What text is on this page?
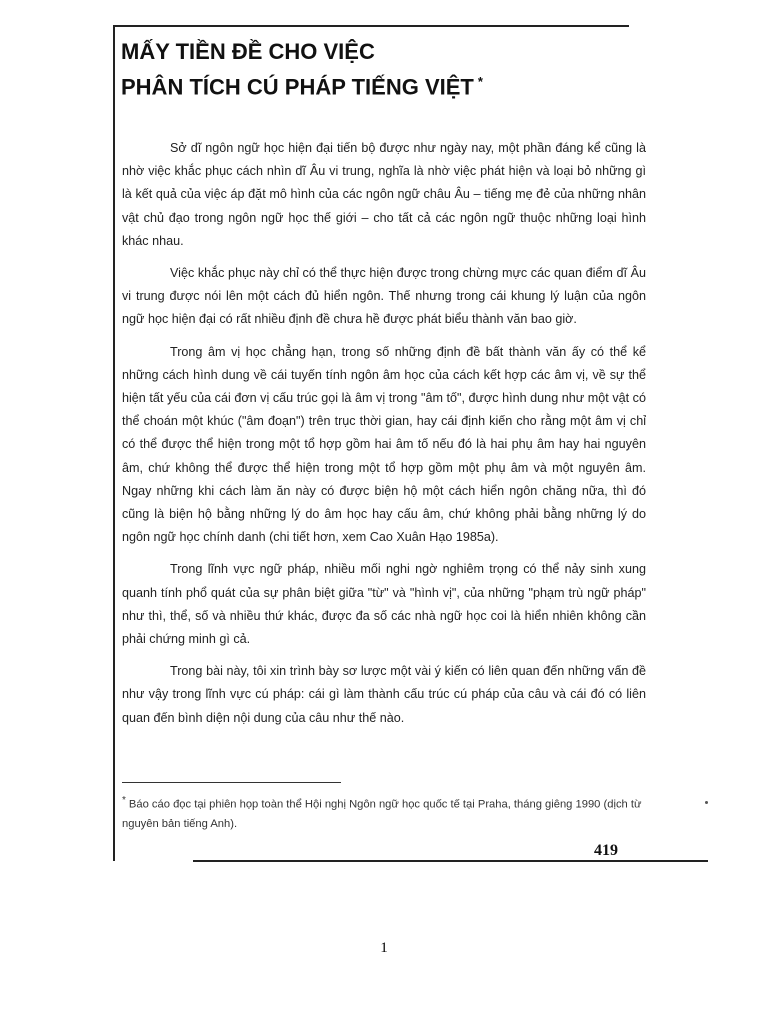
MẤY TIỀN ĐỀ CHO VIỆC
PHÂN TÍCH CÚ PHÁP TIẾNG VIỆT *

Sở dĩ ngôn ngữ học hiện đại tiến bộ được như ngày nay, một phần đáng kể cũng là nhờ việc khắc phục cách nhìn dĩ Âu vi trung, nghĩa là nhờ việc phát hiện và loại bỏ những gì là kết quả của việc áp đặt mô hình của các ngôn ngữ châu Âu – tiếng mẹ đẻ của những nhân vật chủ đạo trong ngôn ngữ học thế giới – cho tất cả các ngôn ngữ thuộc những loại hình khác nhau.

Việc khắc phục này chỉ có thể thực hiện được trong chừng mực các quan điểm dĩ Âu vi trung được nói lên một cách đủ hiển ngôn. Thế nhưng trong cái khung lý luận của ngôn ngữ học hiện đại có rất nhiều định đề chưa hề được phát biểu thành văn bao giờ.

Trong âm vị học chẳng hạn, trong số những định đề bất thành văn ấy có thể kể những cách hình dung về cái tuyến tính ngôn âm học của cách kết hợp các âm vị, về sự thể hiện tất yếu của cái đơn vị cấu trúc gọi là âm vị trong "âm tố", được hình dung như một vật có thể choán một khúc ("âm đoạn") trên trục thời gian, hay cái định kiến cho rằng một âm vị chỉ có thể được thể hiện trong một tổ hợp gồm hai âm tố nếu đó là hai phụ âm hay hai nguyên âm, chứ không thể được thể hiện trong một tổ hợp gồm một phụ âm và một nguyên âm. Ngay những khi cách làm ăn này có được biện hộ một cách hiển ngôn chăng nữa, thì đó cũng là biện hộ bằng những lý do âm học hay cấu âm, chứ không phải bằng những lý do ngôn ngữ học chính danh (chi tiết hơn, xem Cao Xuân Hạo 1985a).

Trong lĩnh vực ngữ pháp, nhiều mối nghi ngờ nghiêm trọng có thể nảy sinh xung quanh tính phổ quát của sự phân biệt giữa "từ" và "hình vị", của những "phạm trù ngữ pháp" như thì, thể, số và nhiều thứ khác, được đa số các nhà ngữ học coi là hiển nhiên không cần phải chứng minh gì cả.

Trong bài này, tôi xin trình bày sơ lược một vài ý kiến có liên quan đến những vấn đề như vậy trong lĩnh vực cú pháp: cái gì làm thành cấu trúc cú pháp của câu và cái đó có liên quan đến bình diện nội dung của câu như thế nào.

* Báo cáo đọc tại phiên họp toàn thể Hội nghị Ngôn ngữ học quốc tế tại Praha, tháng giêng 1990 (dịch từ nguyên bản tiếng Anh).
419
1
